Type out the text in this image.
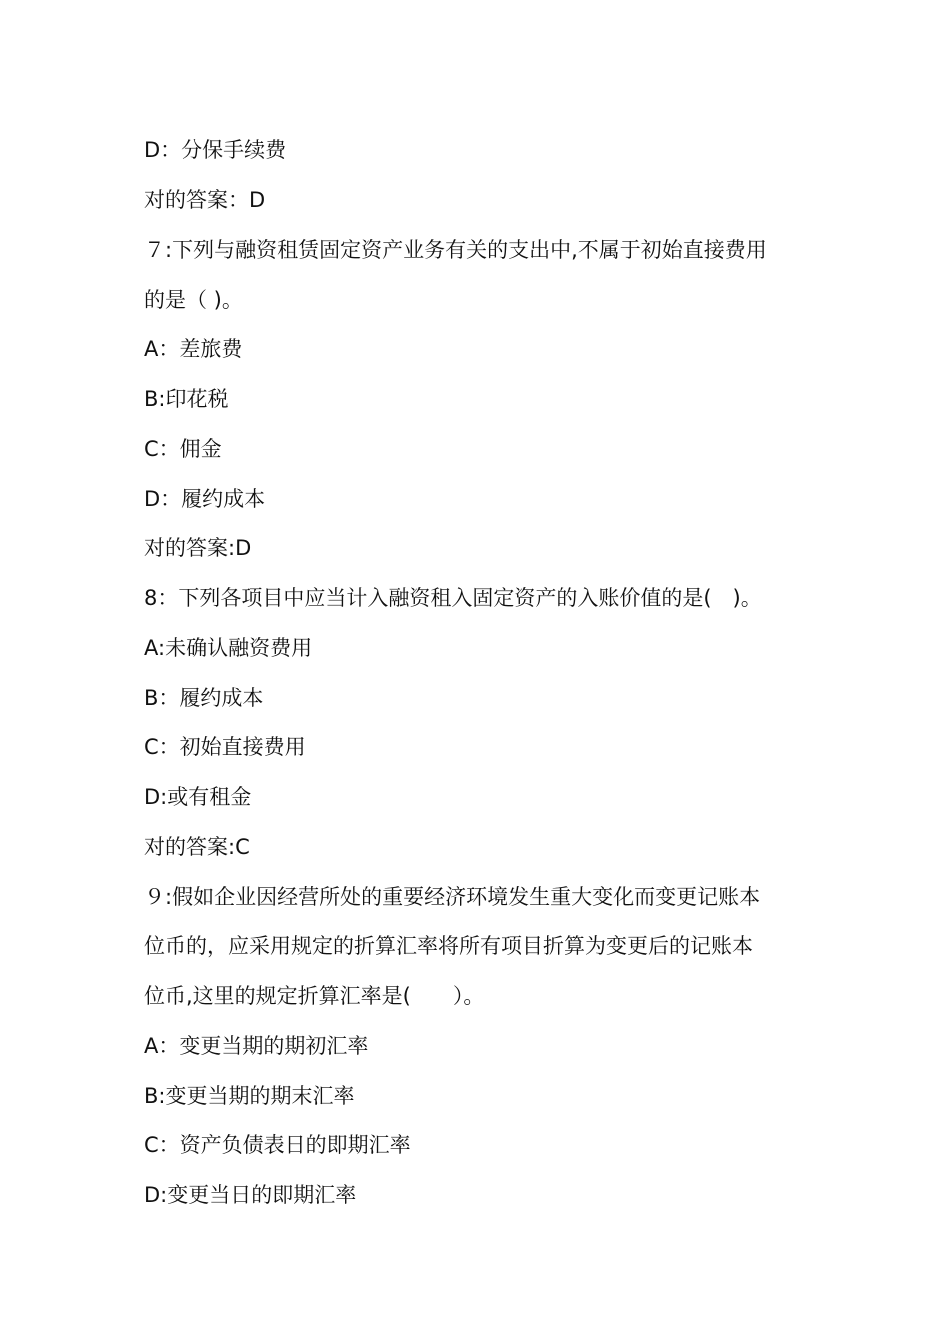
D：分保手续费
对的答案：D
７:下列与融资租赁固定资产业务有关的支出中,不属于初始直接费用
的是（ )。
A：差旅费
B:印花税
C：佣金
D：履约成本
对的答案:D
8：下列各项目中应当计入融资租入固定资产的入账价值的是(　)。
A:未确认融资费用
B：履约成本
C：初始直接费用
D:或有租金
对的答案:C
９:假如企业因经营所处的重要经济环境发生重大变化而变更记账本
位币的，应采用规定的折算汇率将所有项目折算为变更后的记账本
位币,这里的规定折算汇率是(　　）。
A：变更当期的期初汇率
B:变更当期的期末汇率
C：资产负债表日的即期汇率
D:变更当日的即期汇率
